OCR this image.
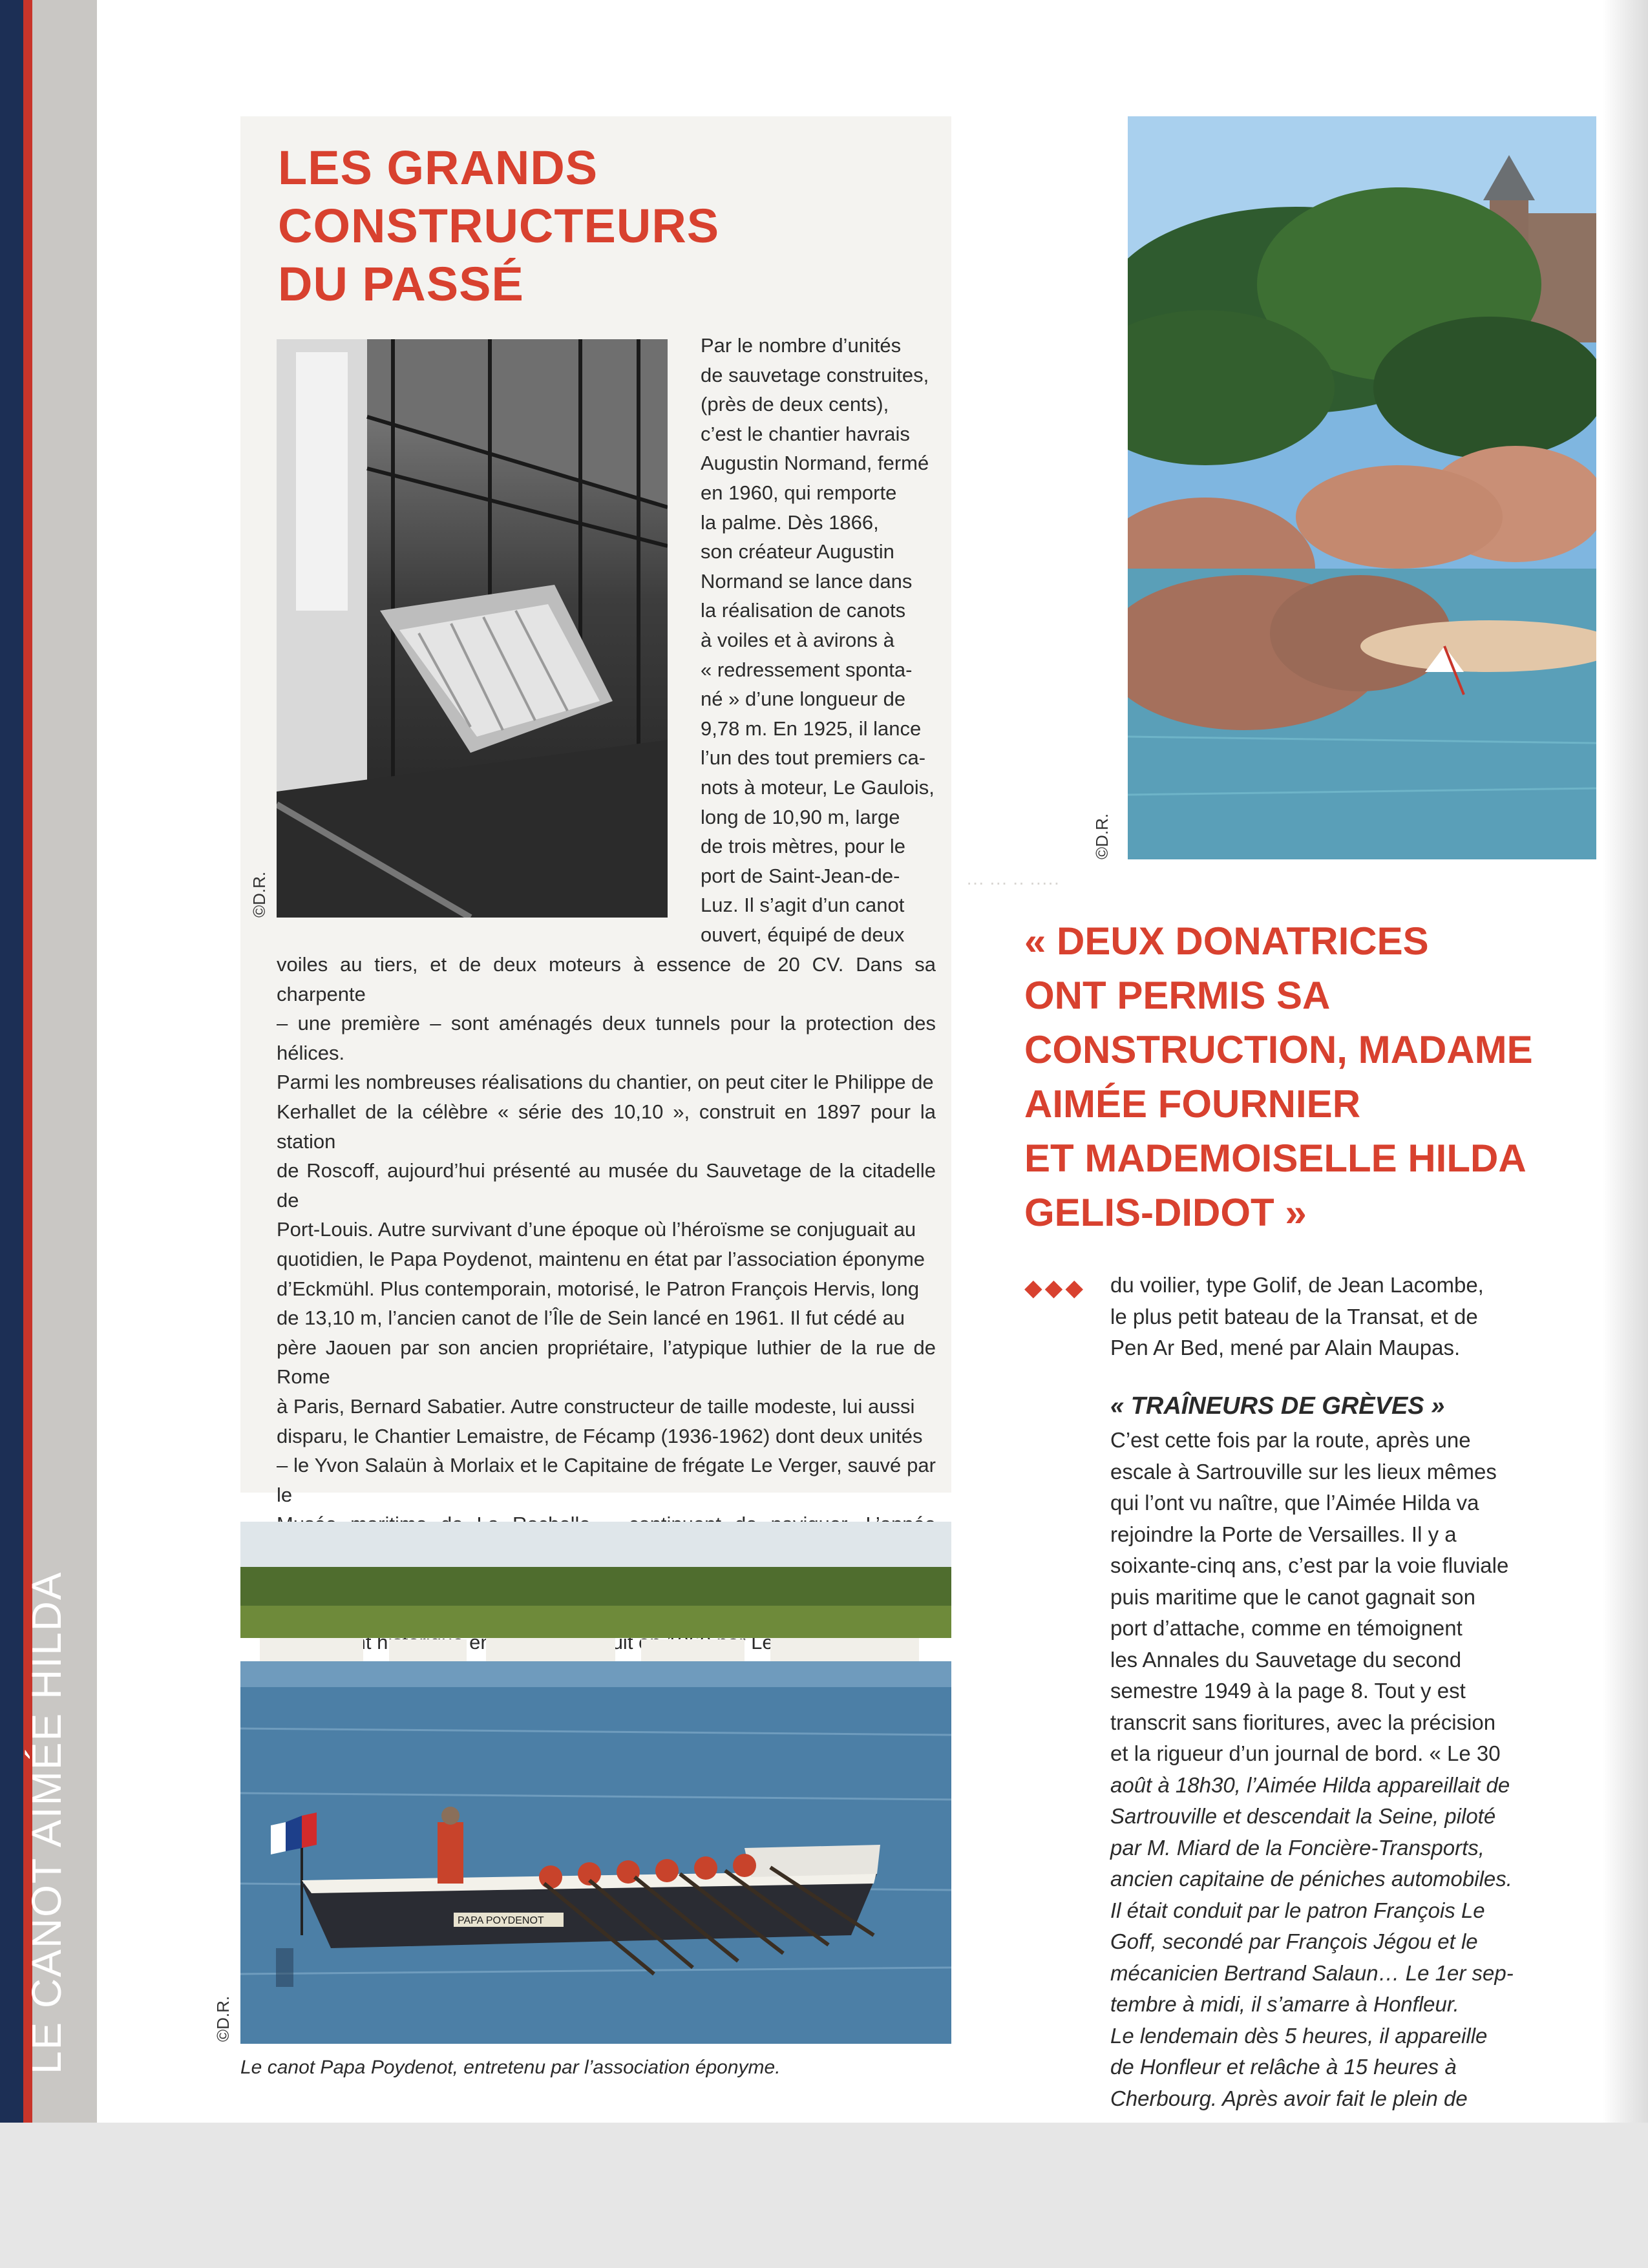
LE CANOT AIMÉE HILDA
··· ··· ·· ·····
LES GRANDS
CONSTRUCTEURS
DU PASSÉ
©D.R.
Par le nombre d’unités
de sauvetage construites,
(près de deux cents),
c’est le chantier havrais
Augustin Normand, fermé
en 1960, qui remporte
la palme. Dès 1866,
son créateur Augustin
Normand se lance dans
la réalisation de canots
à voiles et à avirons à
« redressement sponta-
né » d’une longueur de
9,78 m. En 1925, il lance
l’un des tout premiers ca-
nots à moteur, Le Gaulois,
long de 10,90 m, large
de trois mètres, pour le
port de Saint-Jean-de-
Luz. Il s’agit d’un canot
ouvert, équipé de deux
voiles au tiers, et de deux moteurs à essence de 20 CV. Dans sa charpente
– une première – sont aménagés deux tunnels pour la protection des hélices.
Parmi les nombreuses réalisations du chantier, on peut citer le Philippe de
Kerhallet de la célèbre « série des 10,10 », construit en 1897 pour la station
de Roscoff, aujourd’hui présenté au musée du Sauvetage de la citadelle de
Port-Louis. Autre survivant d’une époque où l’héroïsme se conjuguait au
quotidien, le Papa Poydenot, maintenu en état par l’association éponyme
d’Eckmühl. Plus contemporain, motorisé, le Patron François Hervis, long
de 13,10 m, l’ancien canot de l’Île de Sein lancé en 1961. Il fut cédé au
père Jaouen par son ancien propriétaire, l’atypique luthier de la rue de Rome
à Paris, Bernard Sabatier. Autre constructeur de taille modeste, lui aussi
disparu, le Chantier Lemaistre, de Fécamp (1936-1962) dont deux unités
– le Yvon Salaün à Morlaix et le Capitaine de frégate Le Verger, sauvé par le
en
PAPA POYDENOT
©D.R.
Le canot Papa Poydenot, entretenu par l’association éponyme.
©D.R.
« DEUX DONATRICES
ONT PERMIS SA
CONSTRUCTION, MADAME
AIMÉE FOURNIER
ET MADEMOISELLE HILDA
GELIS-DIDOT »
◆◆◆ du voilier, type Golif, de Jean Lacombe,
le plus petit bateau de la Transat, et de
Pen Ar Bed, mené par Alain Maupas.
« TRAÎNEURS DE GRÈVES »
C’est cette fois par la route, après une
escale à Sartrouville sur les lieux mêmes
qui l’ont vu naître, que l’Aimée Hilda va
rejoindre la Porte de Versailles. Il y a
soixante-cinq ans, c’est par la voie fluviale
puis maritime que le canot gagnait son
port d’attache, comme en témoignent
les Annales du Sauvetage du second
semestre 1949 à la page 8. Tout y est
transcrit sans fioritures, avec la précision
et la rigueur d’un journal de bord. « Le 30
août à 18h30, l’Aimée Hilda appareillait de
Sartrouville et descendait la Seine, piloté
par M. Miard de la Foncière-Transports,
ancien capitaine de péniches automobiles.
Il était conduit par le patron François Le
Goff, secondé par François Jégou et le
mécanicien Bertrand Salaun… Le 1er sep-
tembre à midi, il s’amarre à Honfleur.
Le lendemain dès 5 heures, il appareille
de Honfleur et relâche à 15 heures à
Cherbourg. Après avoir fait le plein de
